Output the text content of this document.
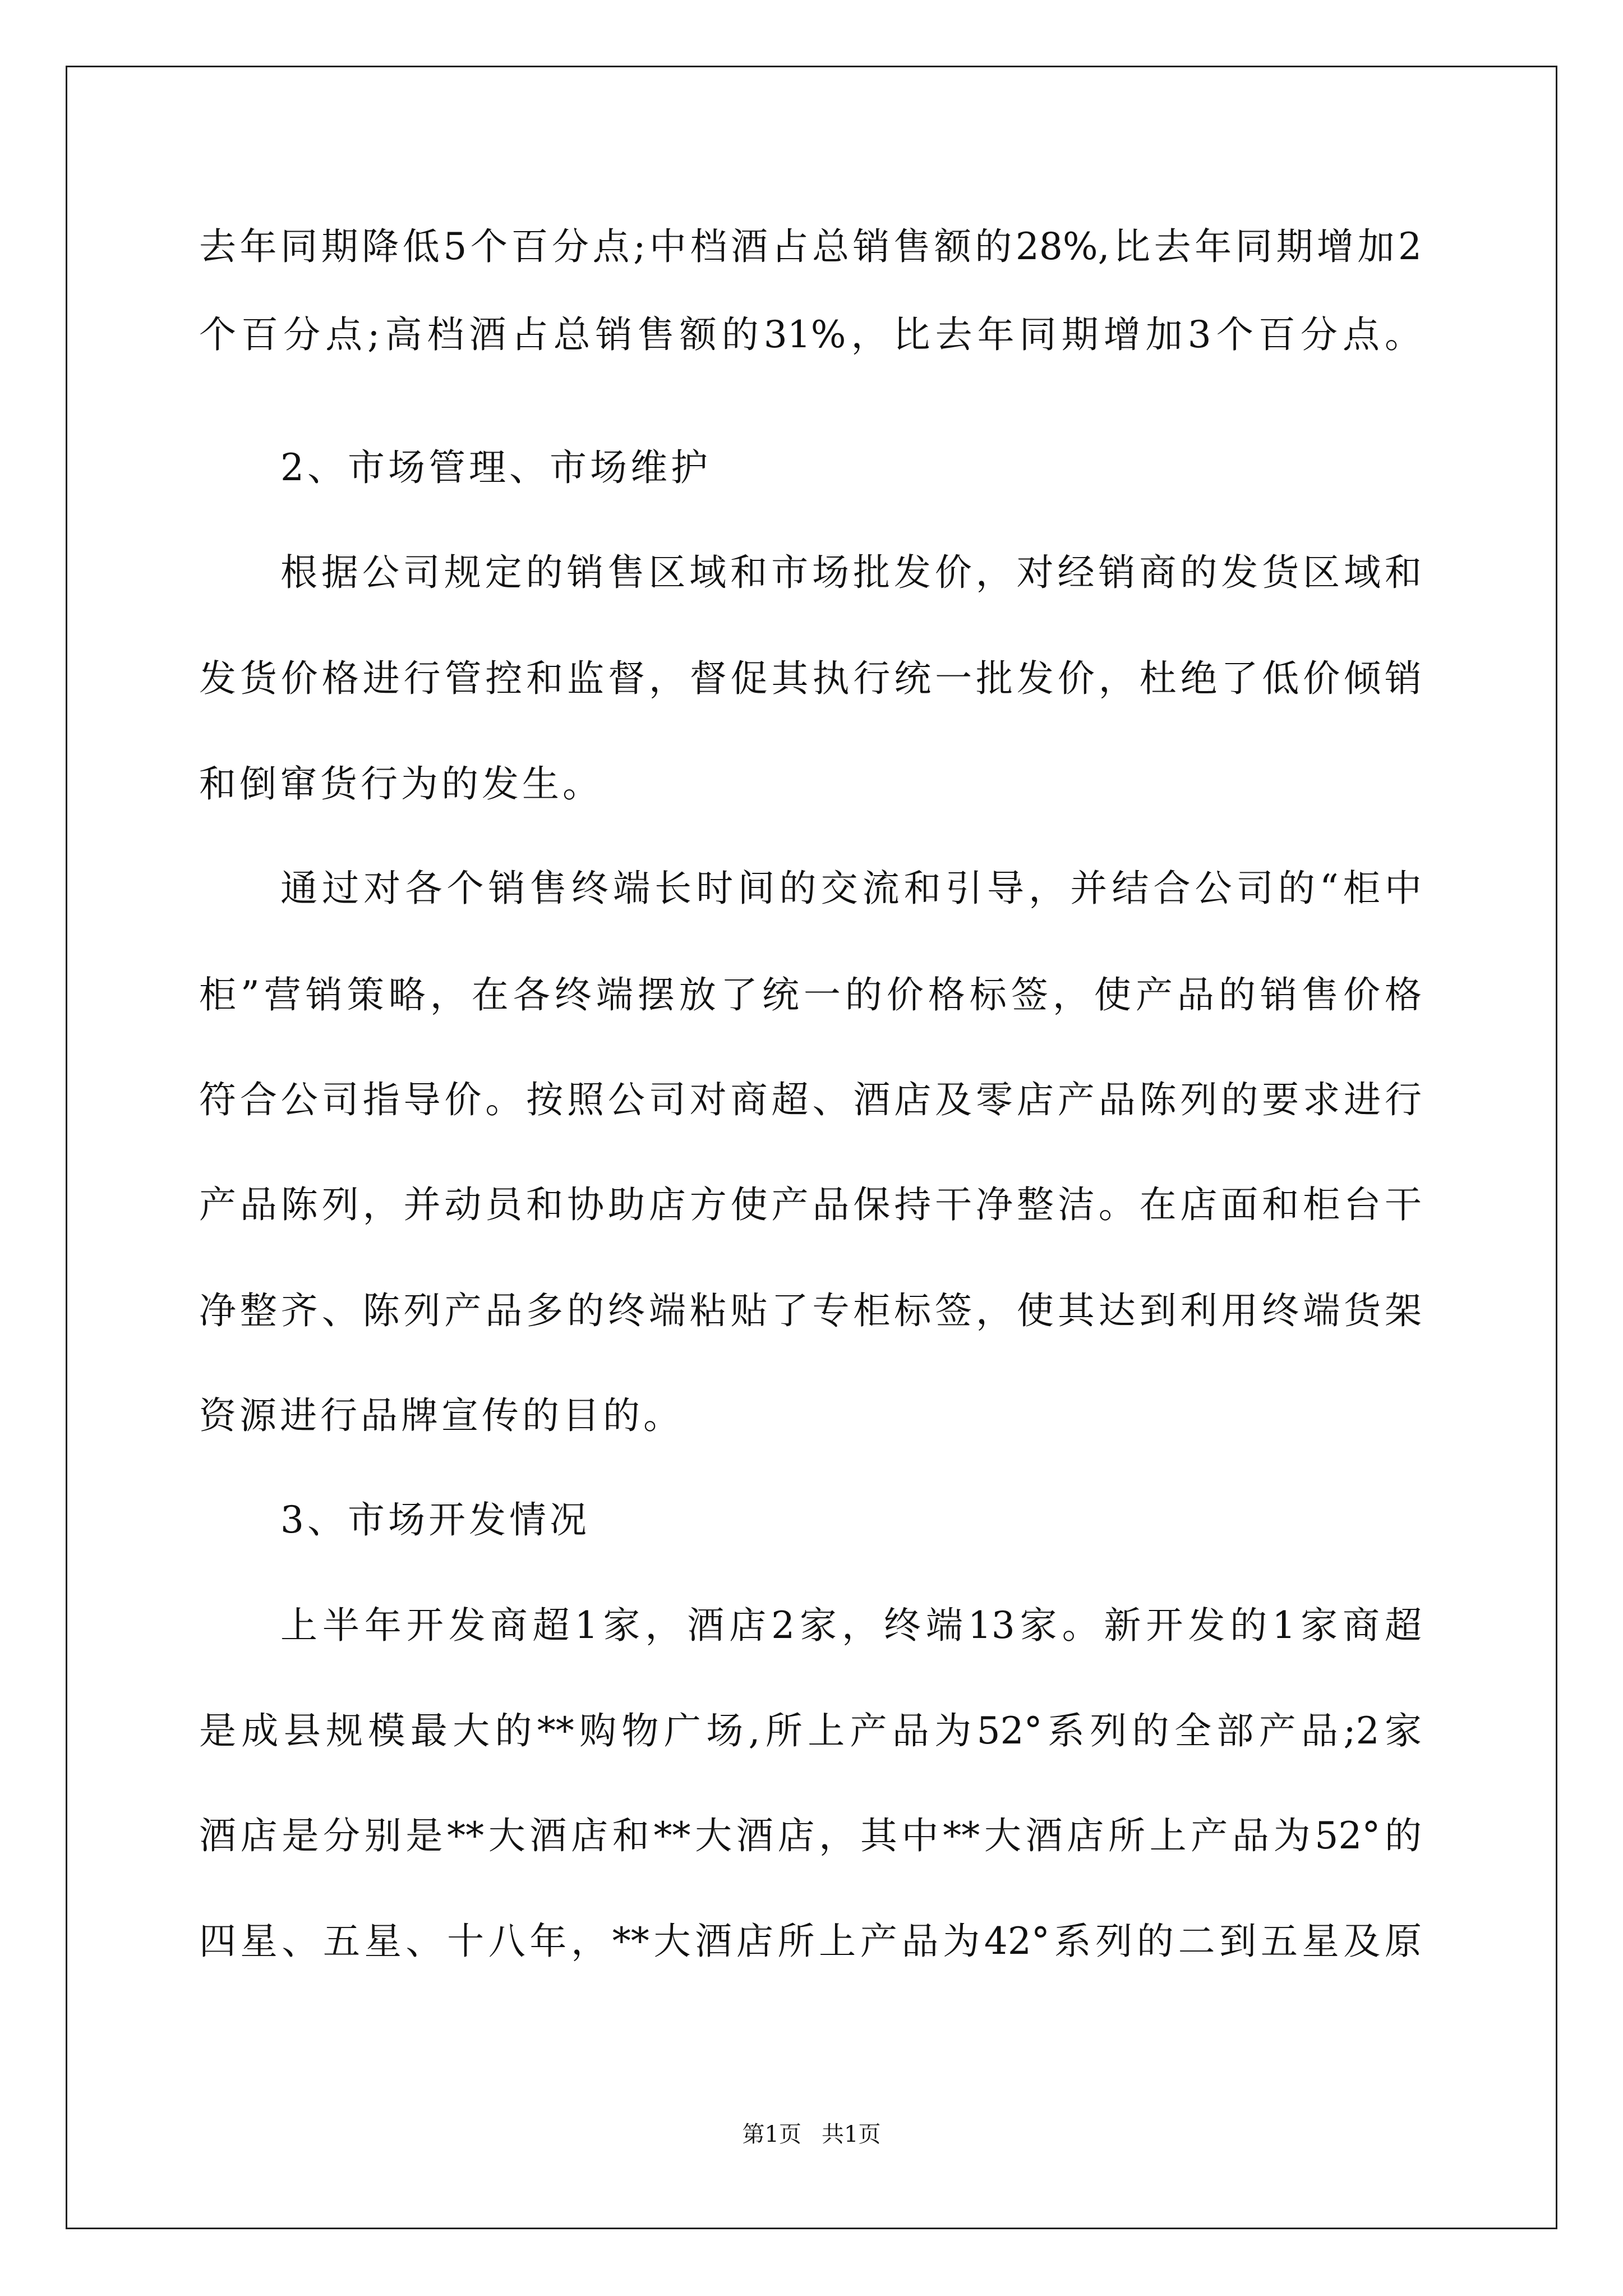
去年同期降低5个百分点;中档酒占总销售额的28%,比去年同期增加2
个百分点;高档酒占总销售额的31%，比去年同期增加3个百分点。
2、市场管理、市场维护
根据公司规定的销售区域和市场批发价，对经销商的发货区域和
发货价格进行管控和监督，督促其执行统一批发价，杜绝了低价倾销
和倒窜货行为的发生。
通过对各个销售终端长时间的交流和引导，并结合公司的“柜中
柜”营销策略，在各终端摆放了统一的价格标签，使产品的销售价格
符合公司指导价。按照公司对商超、酒店及零店产品陈列的要求进行
产品陈列，并动员和协助店方使产品保持干净整洁。在店面和柜台干
净整齐、陈列产品多的终端粘贴了专柜标签，使其达到利用终端货架
资源进行品牌宣传的目的。
3、市场开发情况
上半年开发商超1家，酒店2家，终端13家。新开发的1家商超
是成县规模最大的**购物广场,所上产品为52°系列的全部产品;2家
酒店是分别是**大酒店和**大酒店，其中**大酒店所上产品为52°的
四星、五星、十八年，**大酒店所上产品为42°系列的二到五星及原
第1页 共1页
